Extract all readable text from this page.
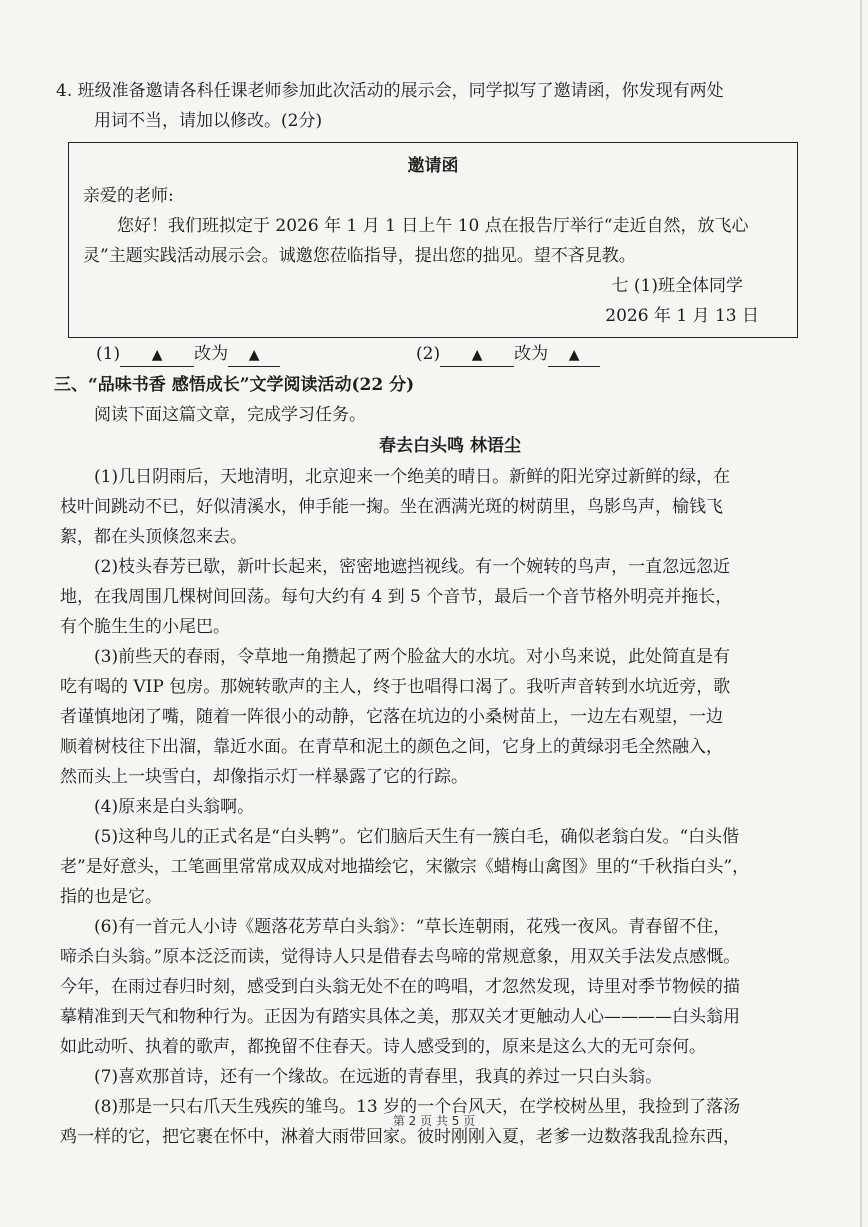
4. 班级准备邀请各科任课老师参加此次活动的展示会，同学拟写了邀请函，你发现有两处
用词不当，请加以修改。(2分)
邀请函
亲爱的老师:
您好！我们班拟定于 2026 年 1 月 1 日上午 10 点在报告厅举行“走近自然，放飞心
灵”主题实践活动展示会。诚邀您莅临指导，提出您的拙见。望不吝見教。
七 (1)班全体同学
2026 年 1 月 13 日
(1) ▲ 改为 ▲	(2) ▲ 改为 ▲
三、“品味书香 感悟成长”文学阅读活动(22 分)
阅读下面这篇文章，完成学习任务。
春去白头鸣 林语尘
(1)几日阴雨后，天地清明，北京迎来一个绝美的晴日。新鲜的阳光穿过新鲜的绿，在
枝叶间跳动不已，好似清溪水，伸手能一掬。坐在洒满光斑的树荫里，鸟影鸟声，榆钱飞
絮，都在头顶倏忽来去。
(2)枝头春芳已歇，新叶长起来，密密地遮挡视线。有一个婉转的鸟声，一直忽远忽近
地，在我周围几棵树间回荡。每句大约有 4 到 5 个音节，最后一个音节格外明亮并拖长，
有个脆生生的小尾巴。
(3)前些天的春雨，令草地一角攒起了两个脸盆大的水坑。对小鸟来说，此处简直是有
吃有喝的 VIP 包房。那婉转歌声的主人，终于也唱得口渴了。我听声音转到水坑近旁，歌
者谨慎地闭了嘴，随着一阵很小的动静，它落在坑边的小桑树苗上，一边左右观望，一边
顺着树枝往下出溜，靠近水面。在青草和泥土的颜色之间，它身上的黄绿羽毛全然融入，
然而头上一块雪白，却像指示灯一样暴露了它的行踪。
(4)原来是白头翁啊。
(5)这种鸟儿的正式名是“白头鹎”。它们脑后天生有一簇白毛，确似老翁白发。“白头偕
老”是好意头，工笔画里常常成双成对地描绘它，宋徽宗《蜡梅山禽图》里的“千秋指白头”，
指的也是它。
(6)有一首元人小诗《题落花芳草白头翁》：“草长连朝雨，花残一夜风。青春留不住，
啼杀白头翁。”原本泛泛而读，觉得诗人只是借春去鸟啼的常规意象，用双关手法发点感慨。
今年，在雨过春归时刻，感受到白头翁无处不在的鸣唱，才忽然发现，诗里对季节物候的描
摹精准到天气和物种行为。正因为有踏实具体之美，那双关才更触动人心————白头翁用
如此动听、执着的歌声，都挽留不住春天。诗人感受到的，原来是这么大的无可奈何。
(7)喜欢那首诗，还有一个缘故。在远逝的青春里，我真的养过一只白头翁。
(8)那是一只右爪天生残疾的雏鸟。13 岁的一个台风天，在学校树丛里，我捡到了落汤
鸡一样的它，把它裹在怀中，淋着大雨带回家。彼时刚刚入夏，老爹一边数落我乱捡东西，
第 2 页 共 5 页
